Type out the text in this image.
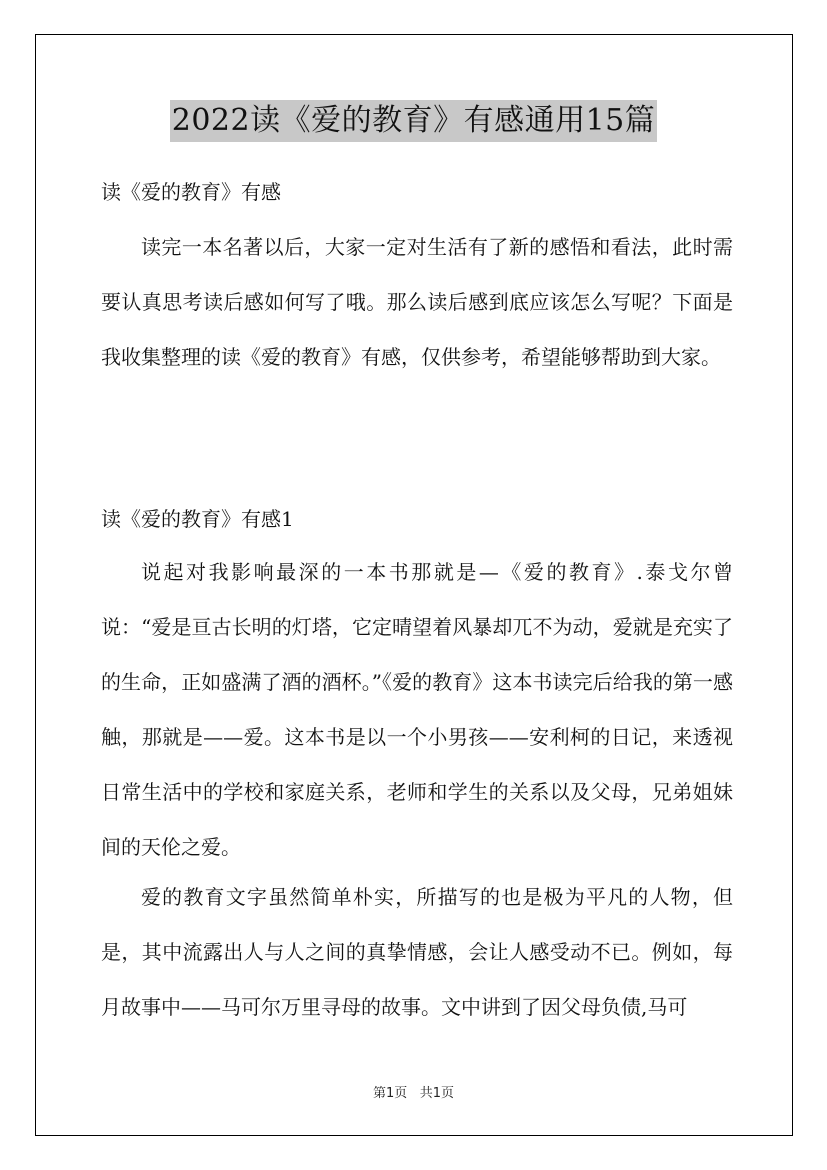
2022读《爱的教育》有感通用15篇

读《爱的教育》有感

读完一本名著以后，大家一定对生活有了新的感悟和看法，此时需要认真思考读后感如何写了哦。那么读后感到底应该怎么写呢？下面是我收集整理的读《爱的教育》有感，仅供参考，希望能够帮助到大家。

读《爱的教育》有感1

说起对我影响最深的一本书那就是—《爱的教育》.泰戈尔曾说：“爱是亘古长明的灯塔，它定晴望着风暴却兀不为动，爱就是充实了的生命，正如盛满了酒的酒杯。”《爱的教育》这本书读完后给我的第一感触，那就是——爱。这本书是以一个小男孩——安利柯的日记，来透视日常生活中的学校和家庭关系，老师和学生的关系以及父母，兄弟姐妹间的天伦之爱。

爱的教育文字虽然简单朴实，所描写的也是极为平凡的人物，但是，其中流露出人与人之间的真挚情感，会让人感受动不已。例如，每月故事中——马可尔万里寻母的故事。文中讲到了因父母负债,马可

第1页 共1页
